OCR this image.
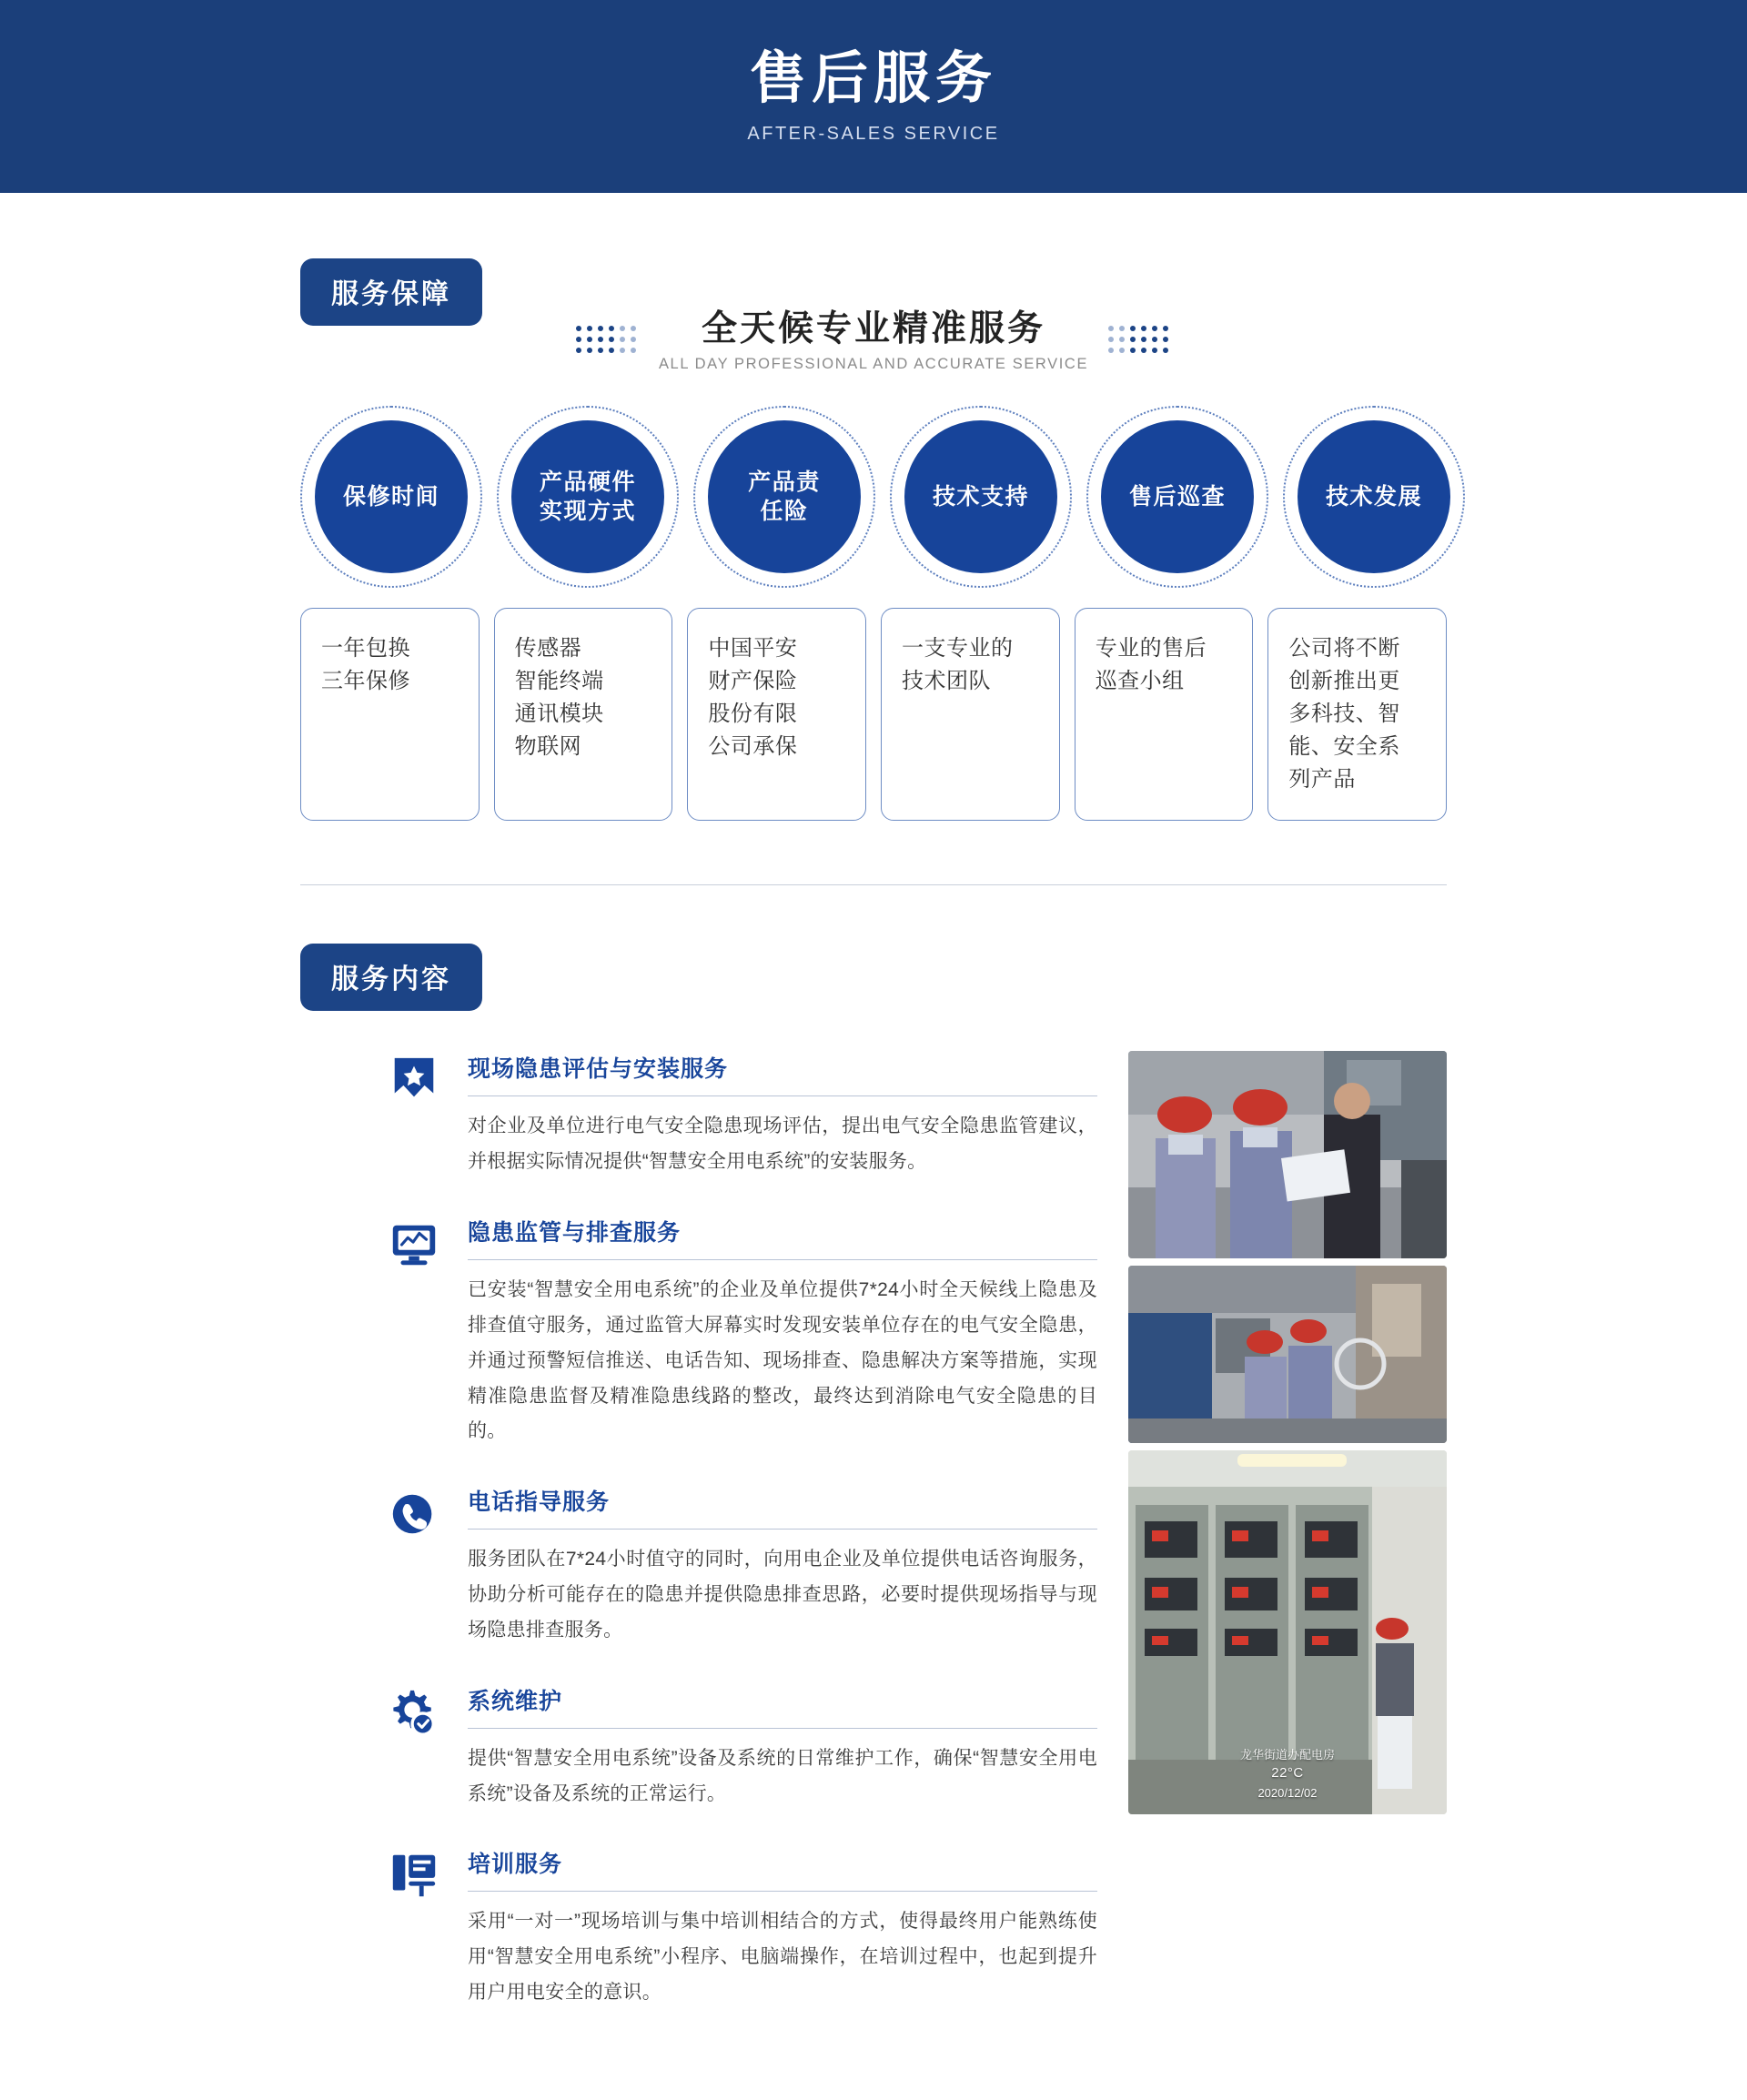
售后服务
AFTER-SALES SERVICE
服务保障
全天候专业精准服务
ALL DAY PROFESSIONAL AND ACCURATE SERVICE
保修时间
产品硬件
实现方式
产品责
任险
技术支持	售后巡查	技术发展
一年包换
三年保修
传感器
智能终端
通讯模块
物联网
中国平安
财产保险
股份有限
公司承保
一支专业的
技术团队
专业的售后
巡查小组
公司将不断
创新推出更
多科技、智
能、安全系
列产品
服务内容
现场隐患评估与安装服务
对企业及单位进行电气安全隐患现场评估，提出电气安全隐患监管建议，并根据实际情况提供“智慧安全用电系统”的安装服务。
隐患监管与排查服务
已安装“智慧安全用电系统”的企业及单位提供7*24小时全天候线上隐患及排查值守服务，通过监管大屏幕实时发现安装单位存在的电气安全隐患，并通过预警短信推送、电话告知、现场排查、隐患解决方案等措施，实现精准隐患监督及精准隐患线路的整改，最终达到消除电气安全隐患的目的。
电话指导服务
服务团队在7*24小时值守的同时，向用电企业及单位提供电话咨询服务，协助分析可能存在的隐患并提供隐患排查思路，必要时提供现场指导与现场隐患排查服务。
系统维护
提供“智慧安全用电系统”设备及系统的日常维护工作，确保“智慧安全用电系统”设备及系统的正常运行。
培训服务
采用“一对一”现场培训与集中培训相结合的方式，使得最终用户能熟练使用“智慧安全用电系统”小程序、电脑端操作，在培训过程中，也起到提升用户用电安全的意识。
龙华街道办配电房
22°C
2020/12/02
